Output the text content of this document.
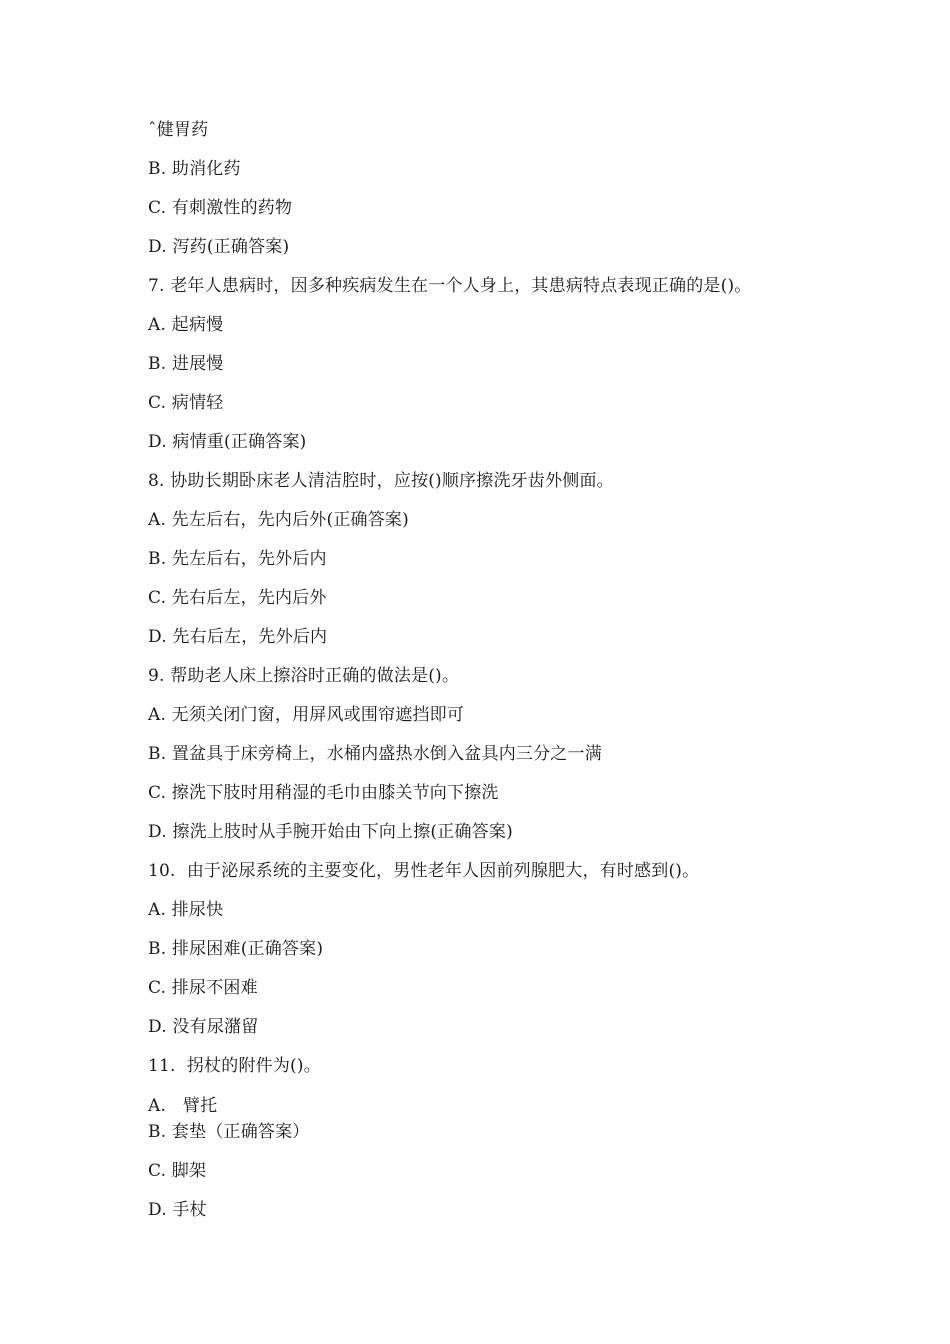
ˆ健胃药
B. 助消化药
C. 有刺激性的药物
D. 泻药(正确答案)
7. 老年人患病时，因多种疾病发生在一个人身上，其患病特点表现正确的是()。
A. 起病慢
B. 进展慢
C. 病情轻
D. 病情重(正确答案)
8. 协助长期卧床老人清洁腔时，应按()顺序擦洗牙齿外侧面。
A. 先左后右，先内后外(正确答案)
B. 先左后右，先外后内
C. 先右后左，先内后外
D. 先右后左，先外后内
9. 帮助老人床上擦浴时正确的做法是()。
A. 无须关闭门窗，用屏风或围帘遮挡即可
B. 置盆具于床旁椅上，水桶内盛热水倒入盆具内三分之一满
C. 擦洗下肢时用稍湿的毛巾由膝关节向下擦洗
D. 擦洗上肢时从手腕开始由下向上擦(正确答案)
10.  由于泌尿系统的主要变化，男性老年人因前列腺肥大，有时感到()。
A. 排尿快
B. 排尿困难(正确答案)
C. 排尿不困难
D. 没有尿潴留
11.  拐杖的附件为()。
A.   臂托
B. 套垫（正确答案）
C. 脚架
D. 手杖
